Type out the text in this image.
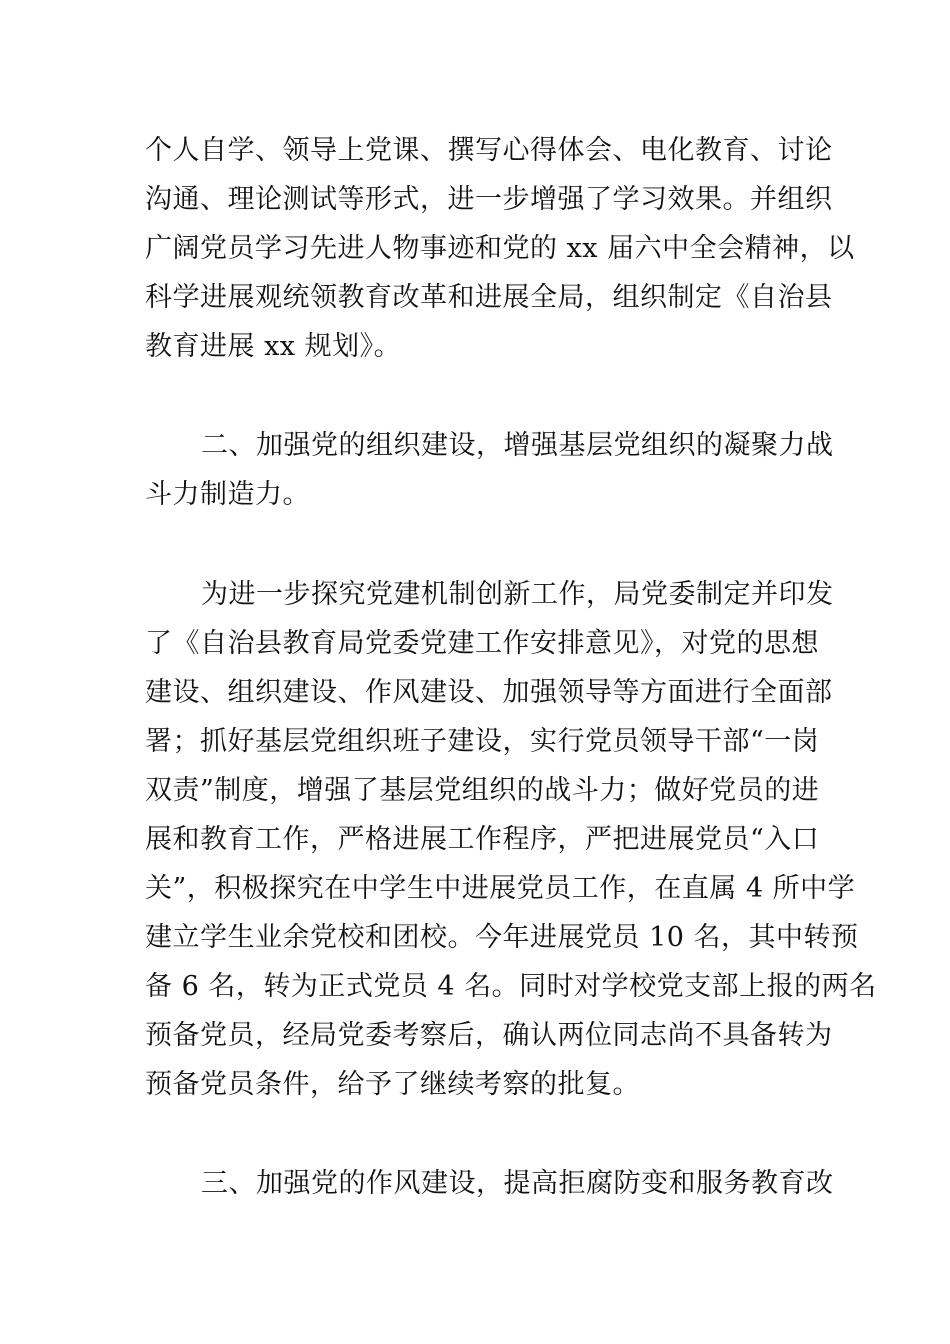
个人自学、领导上党课、撰写心得体会、电化教育、讨论
沟通、理论测试等形式，进一步增强了学习效果。并组织
广阔党员学习先进人物事迹和党的 xx 届六中全会精神，以
科学进展观统领教育改革和进展全局，组织制定《自治县
教育进展 xx 规划》。
二、加强党的组织建设，增强基层党组织的凝聚力战
斗力制造力。
为进一步探究党建机制创新工作，局党委制定并印发
了《自治县教育局党委党建工作安排意见》，对党的思想
建设、组织建设、作风建设、加强领导等方面进行全面部
署；抓好基层党组织班子建设，实行党员领导干部“一岗
双责”制度，增强了基层党组织的战斗力；做好党员的进
展和教育工作，严格进展工作程序，严把进展党员“入口
关”，积极探究在中学生中进展党员工作，在直属 4 所中学
建立学生业余党校和团校。今年进展党员 10 名，其中转预
备 6 名，转为正式党员 4 名。同时对学校党支部上报的两名
预备党员，经局党委考察后，确认两位同志尚不具备转为
预备党员条件，给予了继续考察的批复。
三、加强党的作风建设，提高拒腐防变和服务教育改
